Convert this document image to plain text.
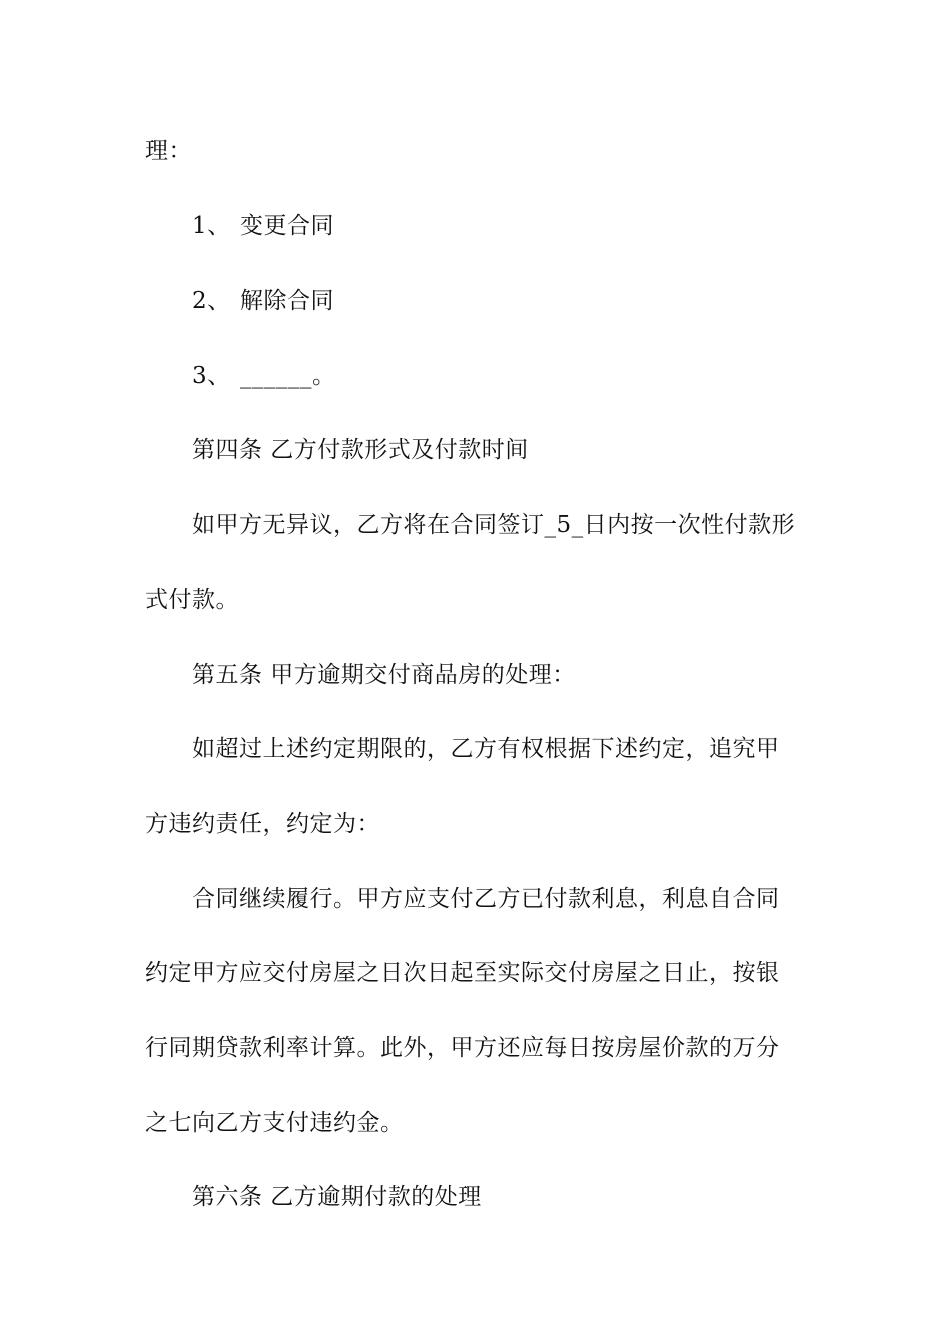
理：
1、 变更合同
2、 解除合同
3、 ______。
第四条 乙方付款形式及付款时间
如甲方无异议，乙方将在合同签订_5_日内按一次性付款形
式付款。
第五条 甲方逾期交付商品房的处理：
如超过上述约定期限的，乙方有权根据下述约定，追究甲
方违约责任，约定为：
合同继续履行。甲方应支付乙方已付款利息，利息自合同
约定甲方应交付房屋之日次日起至实际交付房屋之日止，按银
行同期贷款利率计算。此外，甲方还应每日按房屋价款的万分
之七向乙方支付违约金。
第六条 乙方逾期付款的处理
